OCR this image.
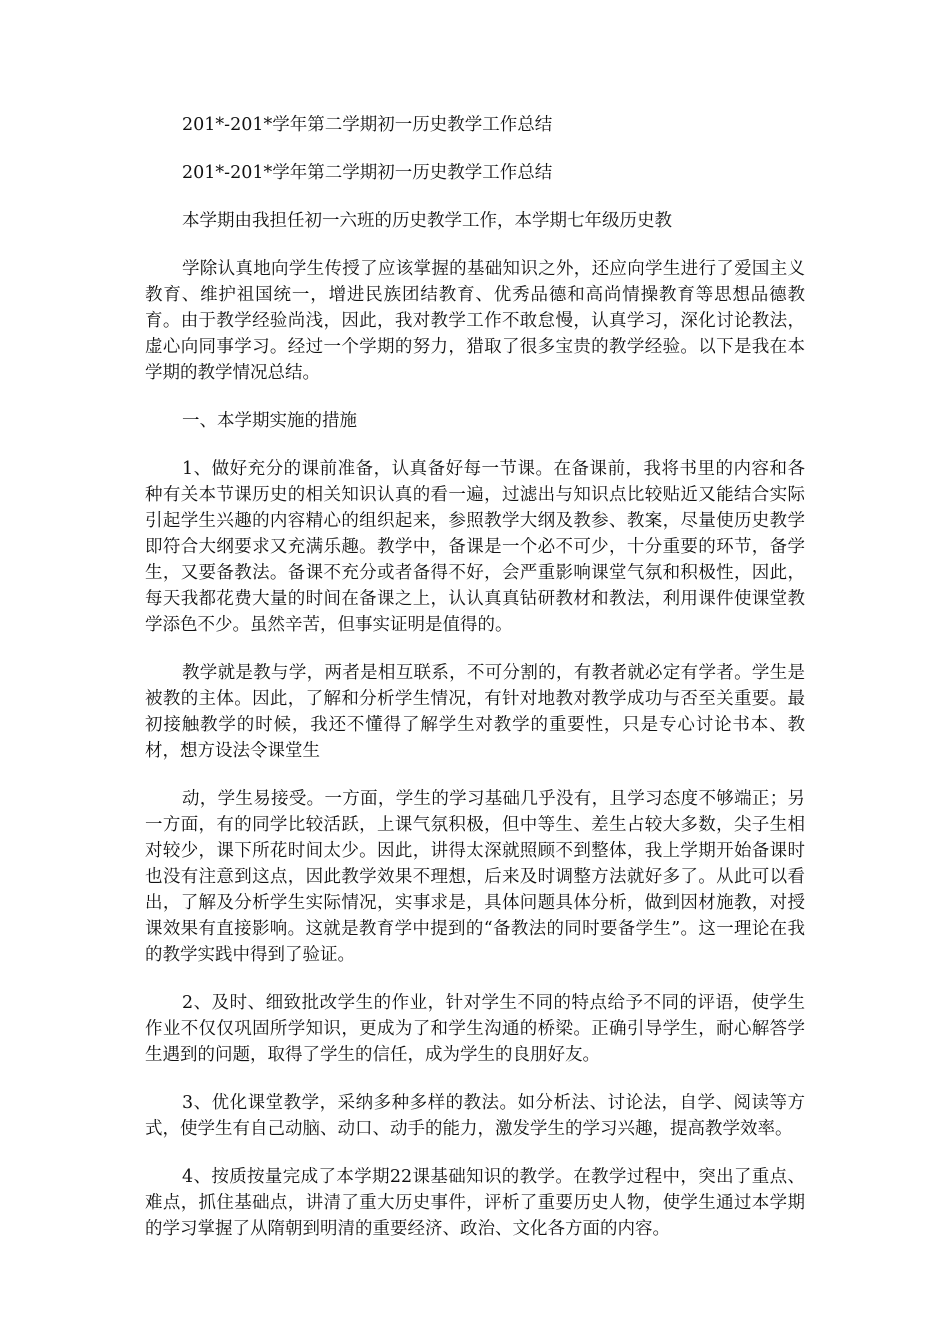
201*-201*学年第二学期初一历史教学工作总结

201*-201*学年第二学期初一历史教学工作总结

本学期由我担任初一六班的历史教学工作，本学期七年级历史教

学除认真地向学生传授了应该掌握的基础知识之外，还应向学生进行了爱国主义教育、维护祖国统一，增进民族团结教育、优秀品德和高尚情操教育等思想品德教育。由于教学经验尚浅，因此，我对教学工作不敢怠慢，认真学习，深化讨论教法，虚心向同事学习。经过一个学期的努力，猎取了很多宝贵的教学经验。以下是我在本学期的教学情况总结。

一、本学期实施的措施

1、做好充分的课前准备，认真备好每一节课。在备课前，我将书里的内容和各种有关本节课历史的相关知识认真的看一遍，过滤出与知识点比较贴近又能结合实际引起学生兴趣的内容精心的组织起来，参照教学大纲及教参、教案，尽量使历史教学即符合大纲要求又充满乐趣。教学中，备课是一个必不可少，十分重要的环节，备学生，又要备教法。备课不充分或者备得不好，会严重影响课堂气氛和积极性，因此，每天我都花费大量的时间在备课之上，认认真真钻研教材和教法，利用课件使课堂教学添色不少。虽然辛苦，但事实证明是值得的。

教学就是教与学，两者是相互联系，不可分割的，有教者就必定有学者。学生是被教的主体。因此，了解和分析学生情况，有针对地教对教学成功与否至关重要。最初接触教学的时候，我还不懂得了解学生对教学的重要性，只是专心讨论书本、教材，想方设法令课堂生

动，学生易接受。一方面，学生的学习基础几乎没有，且学习态度不够端正；另一方面，有的同学比较活跃，上课气氛积极，但中等生、差生占较大多数，尖子生相对较少，课下所花时间太少。因此，讲得太深就照顾不到整体，我上学期开始备课时也没有注意到这点，因此教学效果不理想，后来及时调整方法就好多了。从此可以看出，了解及分析学生实际情况，实事求是，具体问题具体分析，做到因材施教，对授课效果有直接影响。这就是教育学中提到的“备教法的同时要备学生”。这一理论在我的教学实践中得到了验证。

2、及时、细致批改学生的作业，针对学生不同的特点给予不同的评语，使学生作业不仅仅巩固所学知识，更成为了和学生沟通的桥梁。正确引导学生，耐心解答学生遇到的问题，取得了学生的信任，成为学生的良朋好友。

3、优化课堂教学，采纳多种多样的教法。如分析法、讨论法，自学、阅读等方式，使学生有自己动脑、动口、动手的能力，激发学生的学习兴趣，提高教学效率。

4、按质按量完成了本学期22课基础知识的教学。在教学过程中，突出了重点、难点，抓住基础点，讲清了重大历史事件，评析了重要历史人物，使学生通过本学期的学习掌握了从隋朝到明清的重要经济、政治、文化各方面的内容。
